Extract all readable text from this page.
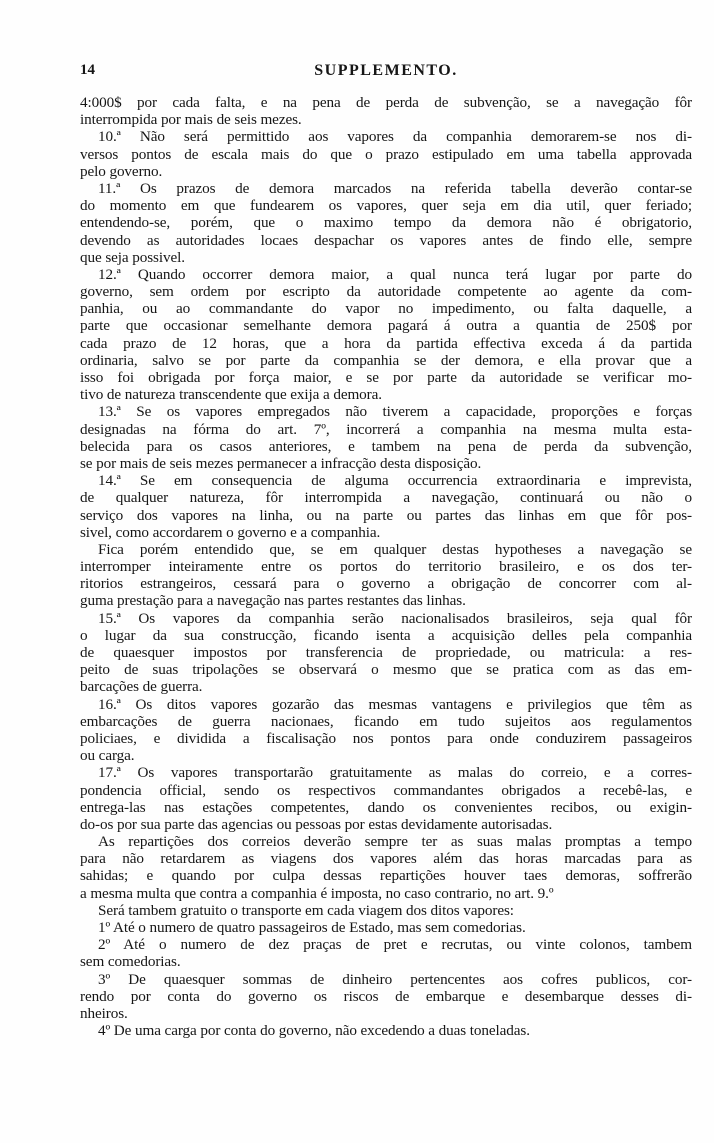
14	SUPPLEMENTO.
4:000$ por cada falta, e na pena de perda de subvenção, se a navegação fôr
interrompida por mais de seis mezes.
10.ª Não será permittido aos vapores da companhia demorarem-se nos di-
versos pontos de escala mais do que o prazo estipulado em uma tabella approvada
pelo governo.
11.ª Os prazos de demora marcados na referida tabella deverão contar-se
do momento em que fundearem os vapores, quer seja em dia util, quer feriado;
entendendo-se, porém, que o maximo tempo da demora não é obrigatorio,
devendo as autoridades locaes despachar os vapores antes de findo elle, sempre
que seja possivel.
12.ª Quando occorrer demora maior, a qual nunca terá lugar por parte do
governo, sem ordem por escripto da autoridade competente ao agente da com-
panhia, ou ao commandante do vapor no impedimento, ou falta daquelle, a
parte que occasionar semelhante demora pagará á outra a quantia de 250$ por
cada prazo de 12 horas, que a hora da partida effectiva exceda á da partida
ordinaria, salvo se por parte da companhia se der demora, e ella provar que a
isso foi obrigada por força maior, e se por parte da autoridade se verificar mo-
tivo de natureza transcendente que exija a demora.
13.ª Se os vapores empregados não tiverem a capacidade, proporções e forças
designadas na fórma do art. 7º, incorrerá a companhia na mesma multa esta-
belecida para os casos anteriores, e tambem na pena de perda da subvenção,
se por mais de seis mezes permanecer a infracção desta disposição.
14.ª Se em consequencia de alguma occurrencia extraordinaria e imprevista,
de qualquer natureza, fôr interrompida a navegação, continuará ou não o
serviço dos vapores na linha, ou na parte ou partes das linhas em que fôr pos-
sivel, como accordarem o governo e a companhia.
Fica porém entendido que, se em qualquer destas hypotheses a navegação se
interromper inteiramente entre os portos do territorio brasileiro, e os dos ter-
ritorios estrangeiros, cessará para o governo a obrigação de concorrer com al-
guma prestação para a navegação nas partes restantes das linhas.
15.ª Os vapores da companhia serão nacionalisados brasileiros, seja qual fôr
o lugar da sua construcção, ficando isenta a acquisição delles pela companhia
de quaesquer impostos por transferencia de propriedade, ou matricula: a res-
peito de suas tripolações se observará o mesmo que se pratica com as das em-
barcações de guerra.
16.ª Os ditos vapores gozarão das mesmas vantagens e privilegios que têm as
embarcações de guerra nacionaes, ficando em tudo sujeitos aos regulamentos
policiaes, e dividida a fiscalisação nos pontos para onde conduzirem passageiros
ou carga.
17.ª Os vapores transportarão gratuitamente as malas do correio, e a corres-
pondencia official, sendo os respectivos commandantes obrigados a recebê-las, e
entrega-las nas estações competentes, dando os convenientes recibos, ou exigin-
do-os por sua parte das agencias ou pessoas por estas devidamente autorisadas.
As repartições dos correios deverão sempre ter as suas malas promptas a tempo
para não retardarem as viagens dos vapores além das horas marcadas para as
sahidas; e quando por culpa dessas repartições houver taes demoras, soffrerão
a mesma multa que contra a companhia é imposta, no caso contrario, no art. 9.º
Será tambem gratuito o transporte em cada viagem dos ditos vapores:
1º Até o numero de quatro passageiros de Estado, mas sem comedorias.
2º Até o numero de dez praças de pret e recrutas, ou vinte colonos, tambem
sem comedorias.
3º De quaesquer sommas de dinheiro pertencentes aos cofres publicos, cor-
rendo por conta do governo os riscos de embarque e desembarque desses di-
nheiros.
4º De uma carga por conta do governo, não excedendo a duas toneladas.
